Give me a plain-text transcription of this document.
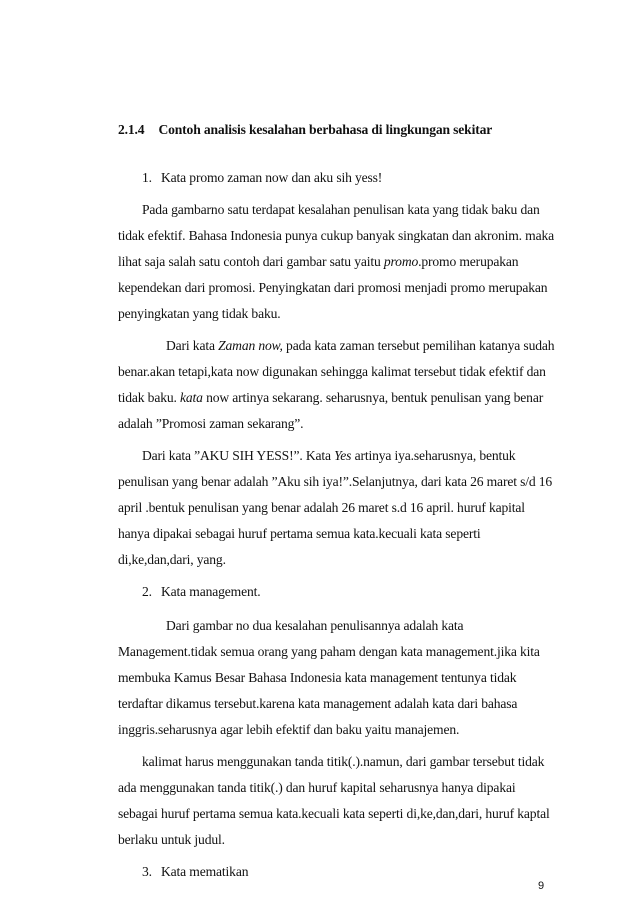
2.1.4 Contoh analisis kesalahan berbahasa di lingkungan sekitar
1. Kata promo zaman now dan aku sih yess!
Pada gambarno satu terdapat kesalahan penulisan kata yang tidak baku dan
tidak efektif. Bahasa Indonesia punya cukup banyak singkatan dan akronim. maka
lihat saja salah satu contoh dari gambar satu yaitu promo.promo merupakan
kependekan dari promosi. Penyingkatan dari promosi menjadi promo merupakan
penyingkatan yang tidak baku.
Dari kata Zaman now, pada kata zaman tersebut pemilihan katanya sudah
benar.akan tetapi,kata now digunakan sehingga kalimat tersebut tidak efektif dan
tidak baku. kata now artinya sekarang. seharusnya, bentuk penulisan yang benar
adalah ”Promosi zaman sekarang”.
Dari kata ”AKU SIH YESS!”. Kata Yes artinya iya.seharusnya, bentuk
penulisan yang benar adalah ”Aku sih iya!”.Selanjutnya, dari kata 26 maret s/d 16
april .bentuk penulisan yang benar adalah 26 maret s.d 16 april. huruf kapital
hanya dipakai sebagai huruf pertama semua kata.kecuali kata seperti
di,ke,dan,dari, yang.
2. Kata management.
Dari gambar no dua kesalahan penulisannya adalah kata
Management.tidak semua orang yang paham dengan kata management.jika kita
membuka Kamus Besar Bahasa Indonesia kata management tentunya tidak
terdaftar dikamus tersebut.karena kata management adalah kata dari bahasa
inggris.seharusnya agar lebih efektif dan baku yaitu manajemen.
kalimat harus menggunakan tanda titik(.).namun, dari gambar tersebut tidak
ada menggunakan tanda titik(.) dan huruf kapital seharusnya hanya dipakai
sebagai huruf pertama semua kata.kecuali kata seperti di,ke,dan,dari, huruf kaptal
berlaku untuk judul.
3. Kata mematikan
9
